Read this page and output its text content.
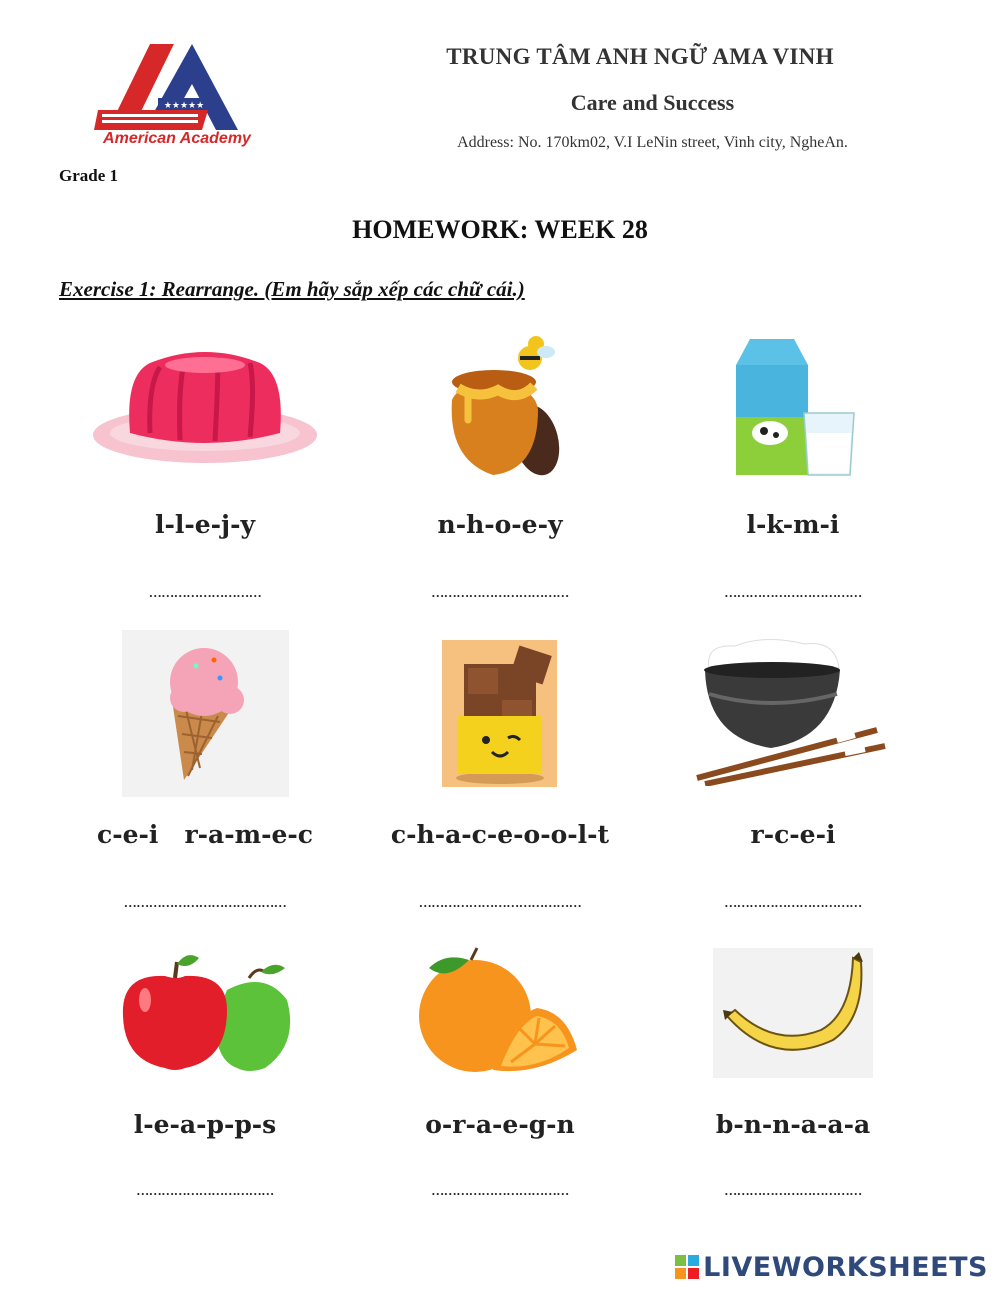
★★★★★
American Academy
TRUNG TÂM ANH NGỮ AMA VINH
Care and Success
Address: No. 170km02, V.I LeNin street, Vinh city, NgheAn.
Grade 1
HOMEWORK: WEEK 28
Exercise 1: Rearrange. (Em hãy sắp xếp các chữ cái.)
l-l-e-j-y	n-h-o-e-y	l-k-m-i
………………………	……………………………	……………………………
c-e-i   r-a-m-e-c	c-h-a-c-e-o-o-l-t	r-c-e-i
…………………………………	…………………………………	……………………………
l-e-a-p-p-s	o-r-a-e-g-n	b-n-n-a-a-a
……………………………	……………………………	……………………………
LIVEWORKSHEETS
